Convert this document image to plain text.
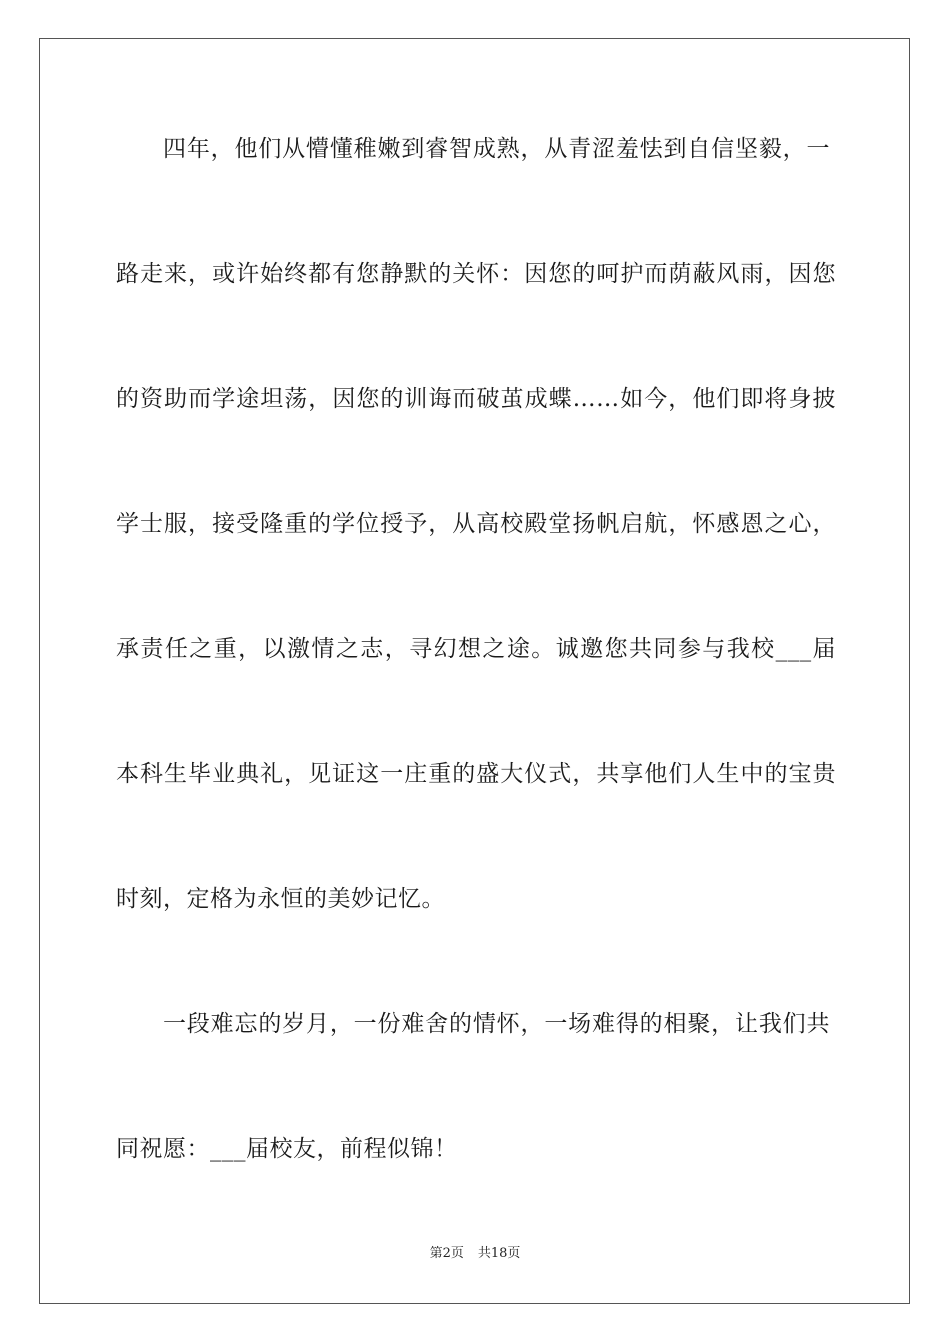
四年，他们从懵懂稚嫩到睿智成熟，从青涩羞怯到自信坚毅，一
路走来，或许始终都有您静默的关怀：因您的呵护而荫蔽风雨，因您
的资助而学途坦荡，因您的训诲而破茧成蝶……如今，他们即将身披
学士服，接受隆重的学位授予，从高校殿堂扬帆启航，怀感恩之心，
承责任之重，以激情之志，寻幻想之途。诚邀您共同参与我校___届
本科生毕业典礼，见证这一庄重的盛大仪式，共享他们人生中的宝贵
时刻，定格为永恒的美妙记忆。
一段难忘的岁月，一份难舍的情怀，一场难得的相聚，让我们共
同祝愿：___届校友，前程似锦！
第2页 共18页
